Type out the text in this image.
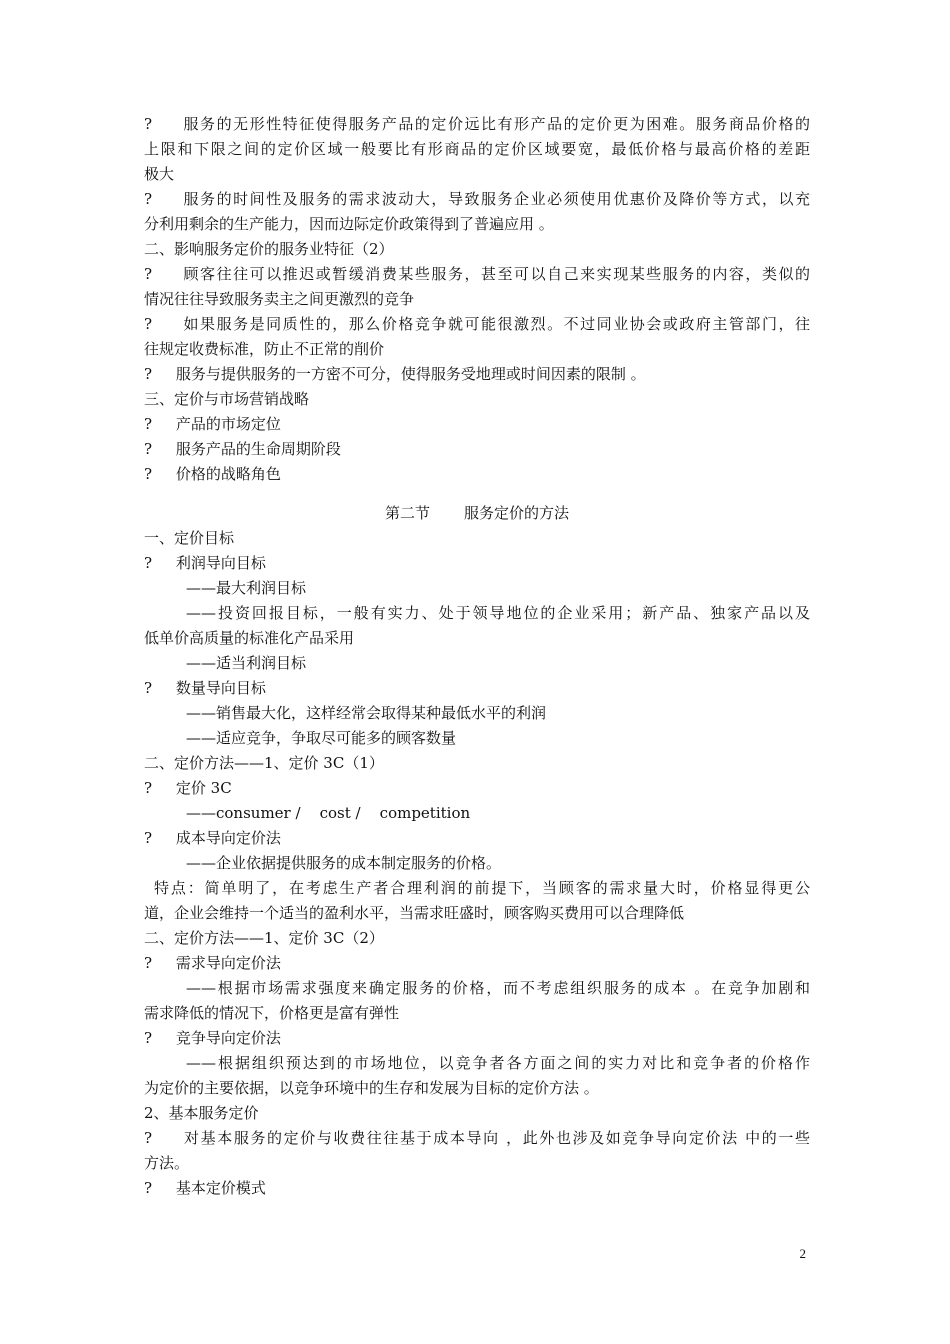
?     服务的无形性特征使得服务产品的定价远比有形产品的定价更为困难。服务商品价格的
上限和下限之间的定价区域一般要比有形商品的定价区域要宽，最低价格与最高价格的差距
极大
?     服务的时间性及服务的需求波动大，导致服务企业必须使用优惠价及降价等方式，以充
分利用剩余的生产能力，因而边际定价政策得到了普遍应用 。
二、影响服务定价的服务业特征（2）
?     顾客往往可以推迟或暂缓消费某些服务，甚至可以自己来实现某些服务的内容，类似的
情况往往导致服务卖主之间更激烈的竞争
?     如果服务是同质性的，那么价格竞争就可能很激烈。不过同业协会或政府主管部门，往
往规定收费标准，防止不正常的削价
?     服务与提供服务的一方密不可分，使得服务受地理或时间因素的限制 。
三、定价与市场营销战略
?     产品的市场定位
?     服务产品的生命周期阶段
?     价格的战略角色
第二节 服务定价的方法
一、定价目标
?     利润导向目标
——最大利润目标
——投资回报目标，一般有实力、处于领导地位的企业采用；新产品、独家产品以及
低单价高质量的标准化产品采用
——适当利润目标
?     数量导向目标
——销售最大化，这样经常会取得某种最低水平的利润
——适应竞争，争取尽可能多的顾客数量
二、定价方法——1、定价 3C（1）
?     定价 3C
——consumer /    cost /    competition
?     成本导向定价法
——企业依据提供服务的成本制定服务的价格。
特点：简单明了，在考虑生产者合理利润的前提下，当顾客的需求量大时，价格显得更公
道，企业会维持一个适当的盈利水平，当需求旺盛时，顾客购买费用可以合理降低
二、定价方法——1、定价 3C（2）
?     需求导向定价法
——根据市场需求强度来确定服务的价格，而不考虑组织服务的成本 。在竞争加剧和
需求降低的情况下，价格更是富有弹性
?     竞争导向定价法
——根据组织预达到的市场地位，以竞争者各方面之间的实力对比和竞争者的价格作
为定价的主要依据，以竞争环境中的生存和发展为目标的定价方法 。
2、基本服务定价
?     对基本服务的定价与收费往往基于成本导向 ，此外也涉及如竞争导向定价法 中的一些
方法。
?     基本定价模式
2
